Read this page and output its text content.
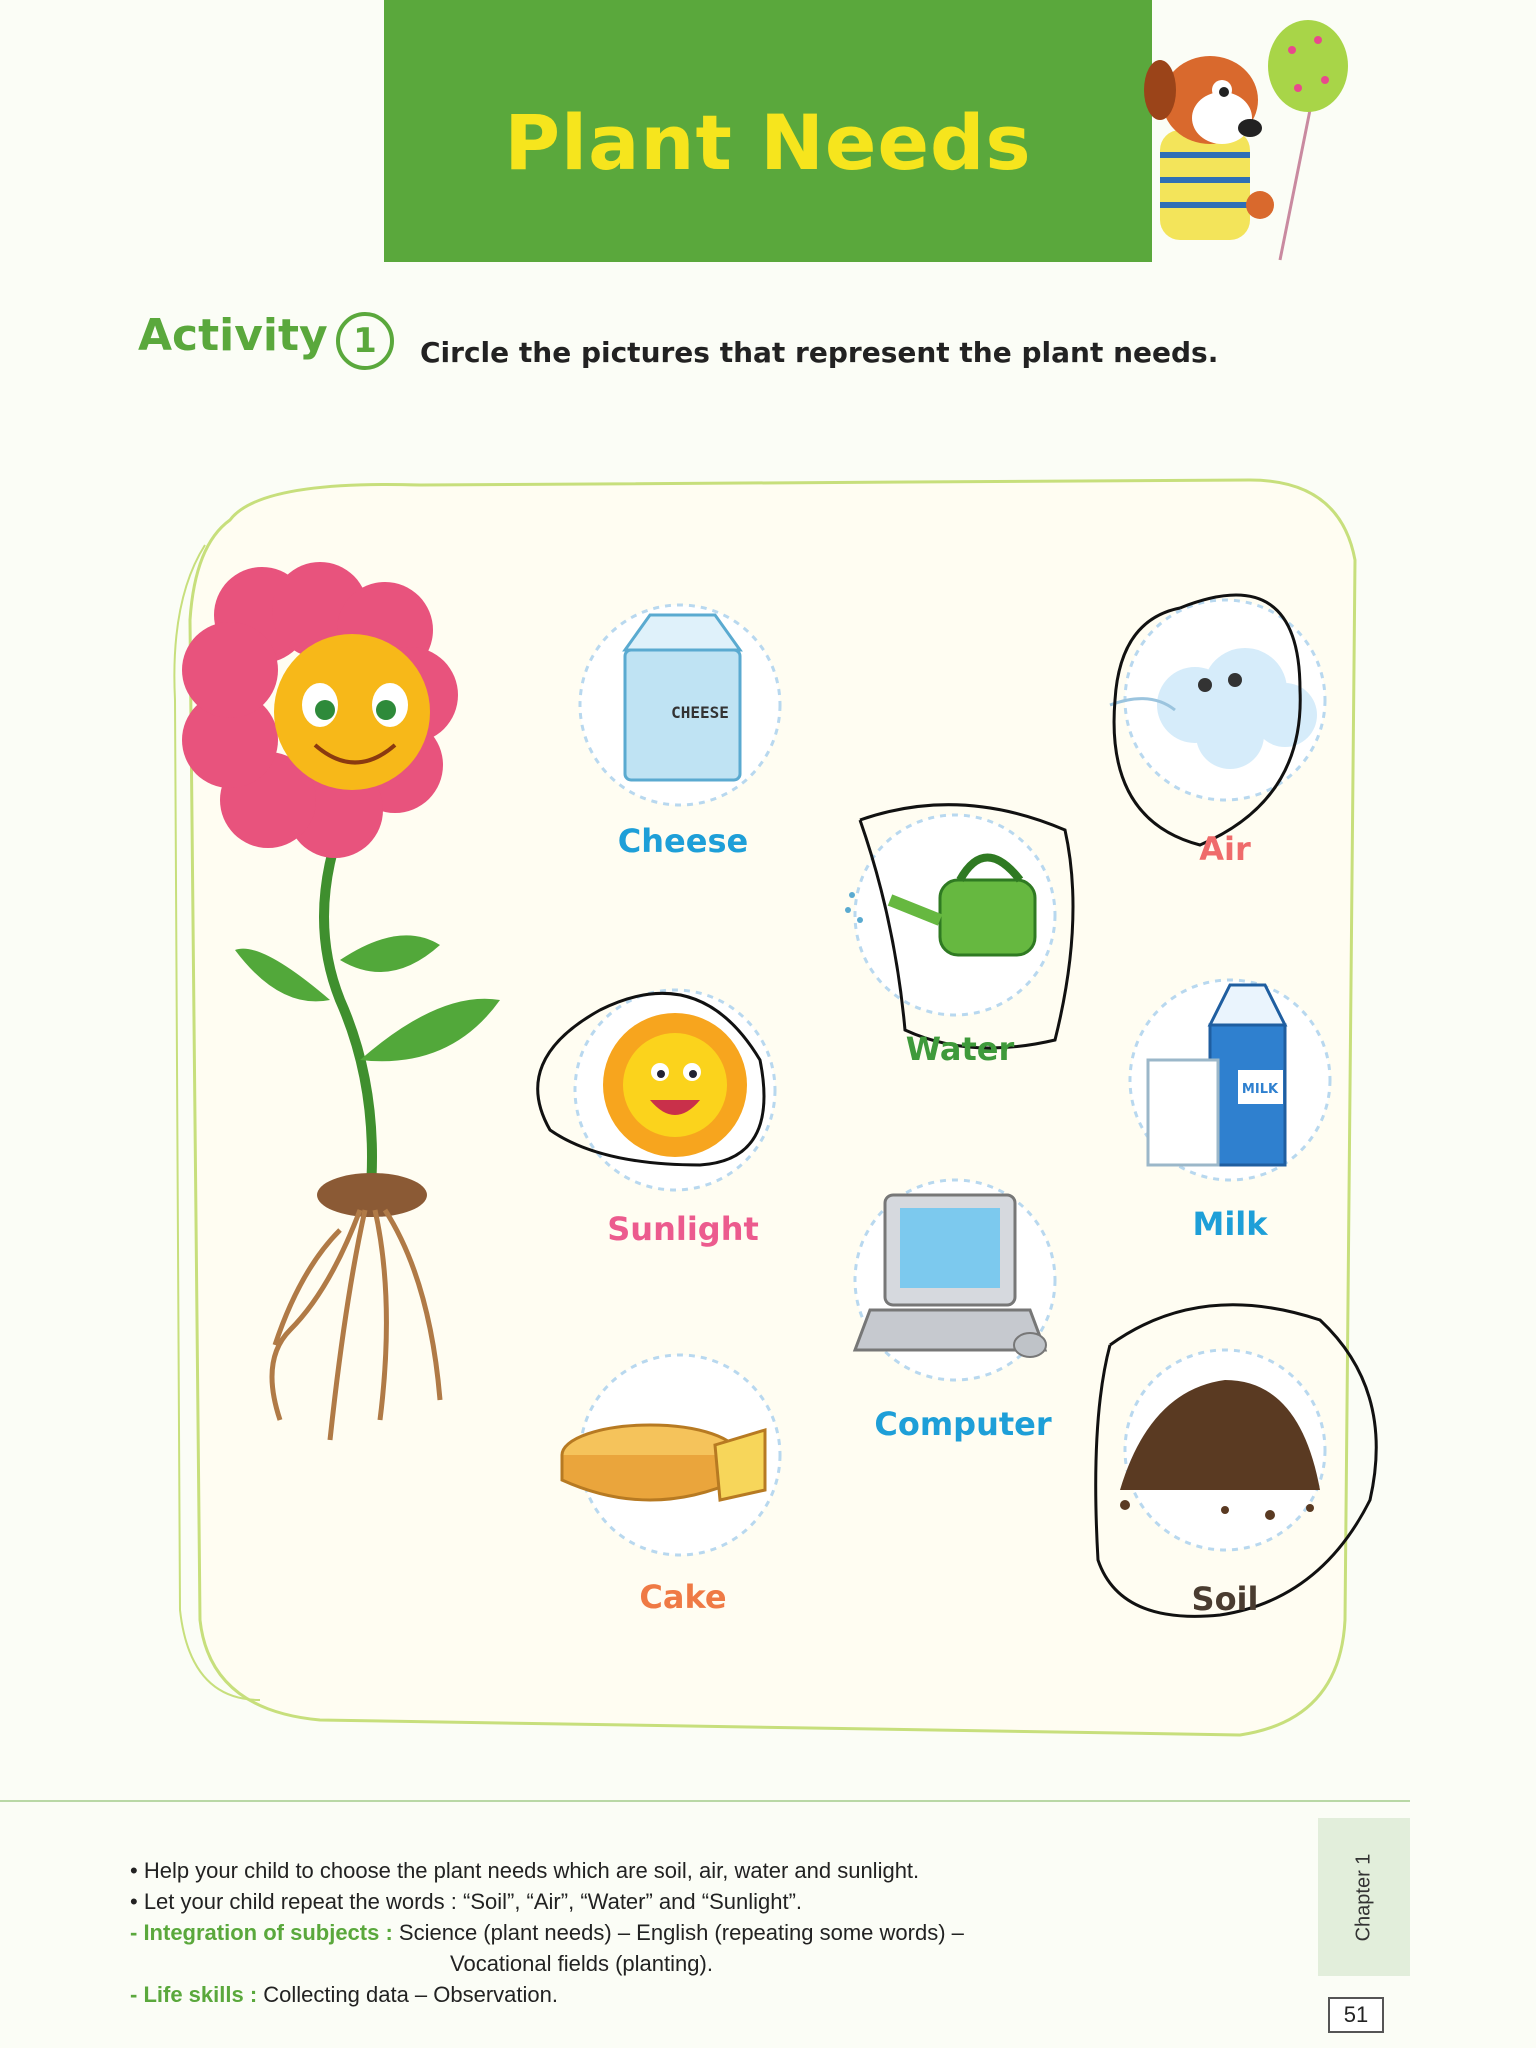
Plant Needs
Activity 1	Circle the pictures that represent the plant needs.
CHEESE
MILK
Cheese	Air
Water
Sunlight	Milk
Computer
Cake	Soil
• Help your child to choose the plant needs which are soil, air, water and sunlight.
• Let your child repeat the words : “Soil”, “Air”, “Water” and “Sunlight”.
- Integration of subjects : Science (plant needs) – English (repeating some words) –
Vocational fields (planting).
- Life skills : Collecting data – Observation.
Chapter 1
51
